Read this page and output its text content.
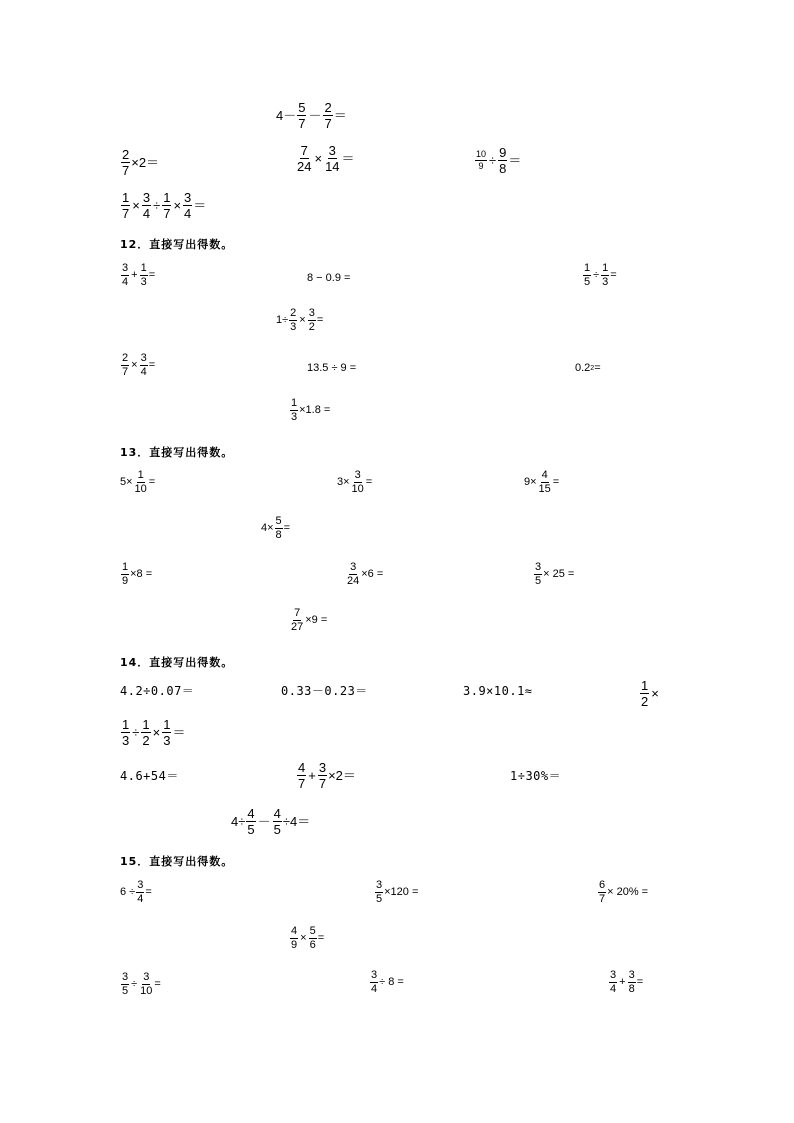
$4- \frac{5}{7} - \frac{2}{7}$ ＝
$\frac{2}{7} \times 2=$	$\frac{7}{24} \times \frac{3}{14}$ ＝	$\frac{10}{9} \div \frac{9}{8}$ ＝
$\frac{1}{7} \times \frac{3}{4} \div \frac{1}{7} \times \frac{3}{4}$ ＝
12．直接写出得数。
$\frac{3}{4} + \frac{1}{3}$ =	8 − 0.9 =	$\frac{1}{5} \div \frac{1}{3}$ =
$1\div \frac{2}{3} \times \frac{3}{2}$ =
$\frac{2}{7} \times \frac{3}{4}$ =	13.5 ÷ 9 =	0.2 2 =
$\frac{1}{3} \times 1.8$ =
13．直接写出得数。
$5\times \frac{1}{10}$ =	$3\times \frac{3}{10}$ =	$9\times \frac{4}{15}$ =
$4\times \frac{5}{8}$ =
$\frac{1}{9} \times 8$ =	$\frac{3}{24} \times 6$ =	$\frac{3}{5} \times 25$ =
$\frac{7}{27} \times 9$ =
14．直接写出得数。
4.2÷0.07＝	0.33－0.23＝	3.9×10.1≈	$\frac{1}{2}$ ×
$\frac{1}{3} \div \frac{1}{2} \times \frac{1}{3}$ ＝
4.6+54＝	$\frac{4}{7} + \frac{3}{7} \times 2=$	1÷30%＝
$4\div \frac{4}{5} - \frac{4}{5} \div 4=$
15．直接写出得数。
$6 \div \frac{3}{4}$ =	$\frac{3}{5} \times 120$ =	$\frac{6}{7} \times 20\%$ =
$\frac{4}{9} \times \frac{5}{6}$ =
$\frac{3}{5} \div \frac{3}{10}$ =	$\frac{3}{4} \div 8$ =	$\frac{3}{4} + \frac{3}{8}$ =
